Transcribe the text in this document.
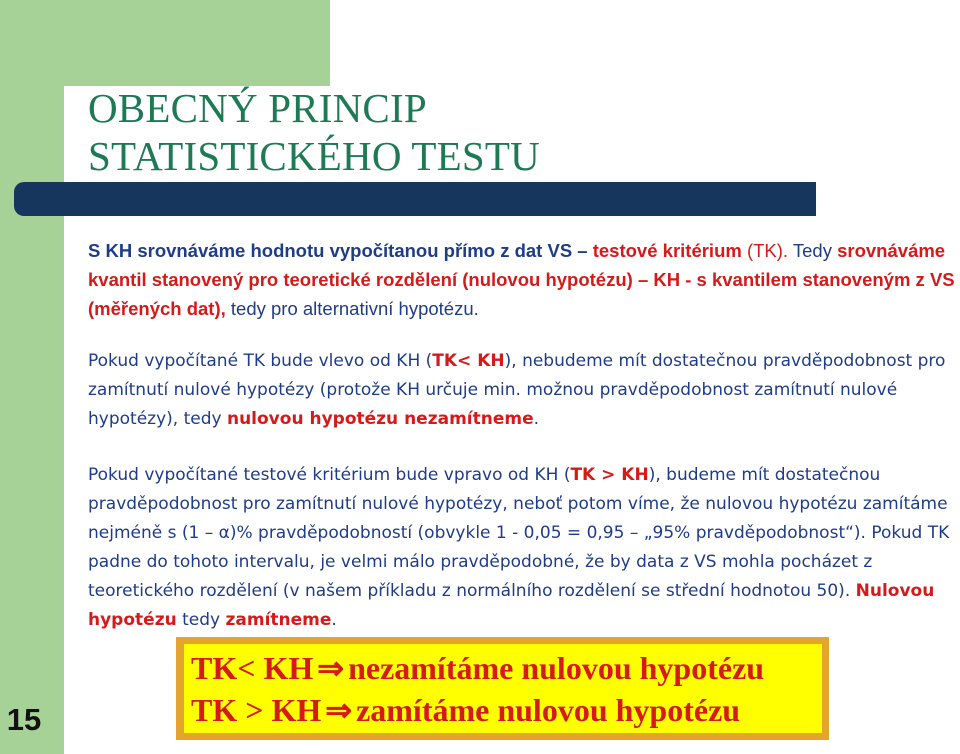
OBECNÝ PRINCIP
STATISTICKÉHO TESTU
15

S KH srovnáváme hodnotu vypočítanou přímo z dat VS – testové kritérium (TK). Tedy srovnáváme kvantil stanovený pro teoretické rozdělení (nulovou hypotézu) – KH - s kvantilem stanoveným z VS (měřených dat), tedy pro alternativní hypotézu.

Pokud vypočítané TK bude vlevo od KH (TK< KH), nebudeme mít dostatečnou pravděpodobnost pro zamítnutí nulové hypotézy (protože KH určuje min. možnou pravděpodobnost zamítnutí nulové hypotézy), tedy nulovou hypotézu nezamítneme.

Pokud vypočítané testové kritérium bude vpravo od KH (TK > KH), budeme mít dostatečnou pravděpodobnost pro zamítnutí nulové hypotézy, neboť potom víme, že nulovou hypotézu zamítáme nejméně s (1 – α)% pravděpodobností (obvykle 1 - 0,05 = 0,95 – „95% pravděpodobnost“). Pokud TK padne do tohoto intervalu, je velmi málo pravděpodobné, že by data z VS mohla pocházet z teoretického rozdělení (v našem příkladu z normálního rozdělení se střední hodnotou 50). Nulovou hypotézu tedy zamítneme.

TK< KH ⇒ nezamítáme nulovou hypotézu

TK > KH ⇒ zamítáme nulovou hypotézu
